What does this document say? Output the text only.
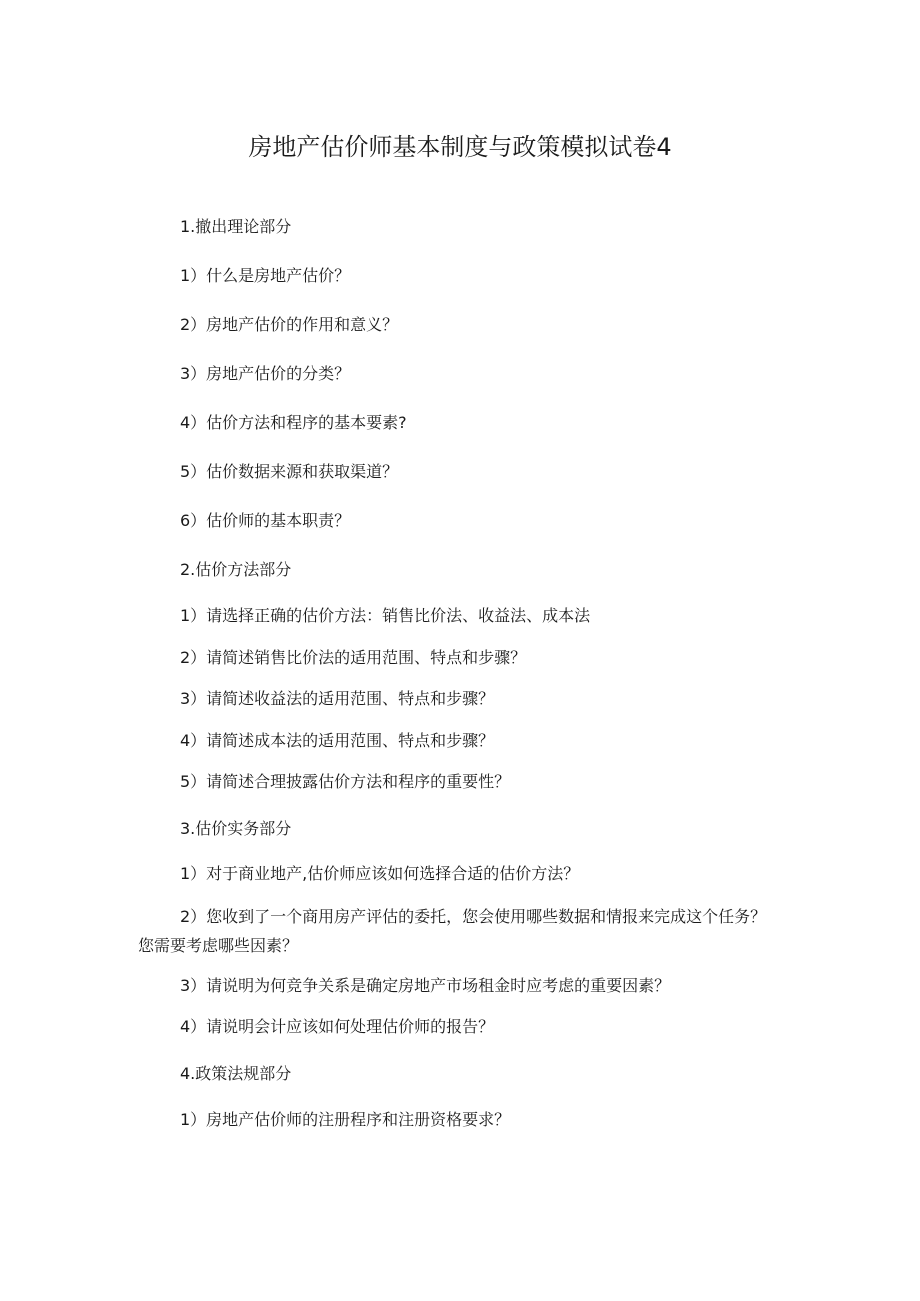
房地产估价师基本制度与政策模拟试卷4

1.撤出理论部分

1）什么是房地产估价？

2）房地产估价的作用和意义？

3）房地产估价的分类？

4）估价方法和程序的基本要素?

5）估价数据来源和获取渠道？

6）估价师的基本职责？

2.估价方法部分

1）请选择正确的估价方法：销售比价法、收益法、成本法

2）请简述销售比价法的适用范围、特点和步骤？

3）请简述收益法的适用范围、特点和步骤？

4）请简述成本法的适用范围、特点和步骤？

5）请简述合理披露估价方法和程序的重要性？

3.估价实务部分

1）对于商业地产,估价师应该如何选择合适的估价方法？

2）您收到了一个商用房产评估的委托，您会使用哪些数据和情报来完成这个任务？您需要考虑哪些因素？

3）请说明为何竞争关系是确定房地产市场租金时应考虑的重要因素？

4）请说明会计应该如何处理估价师的报告？

4.政策法规部分

1）房地产估价师的注册程序和注册资格要求？
